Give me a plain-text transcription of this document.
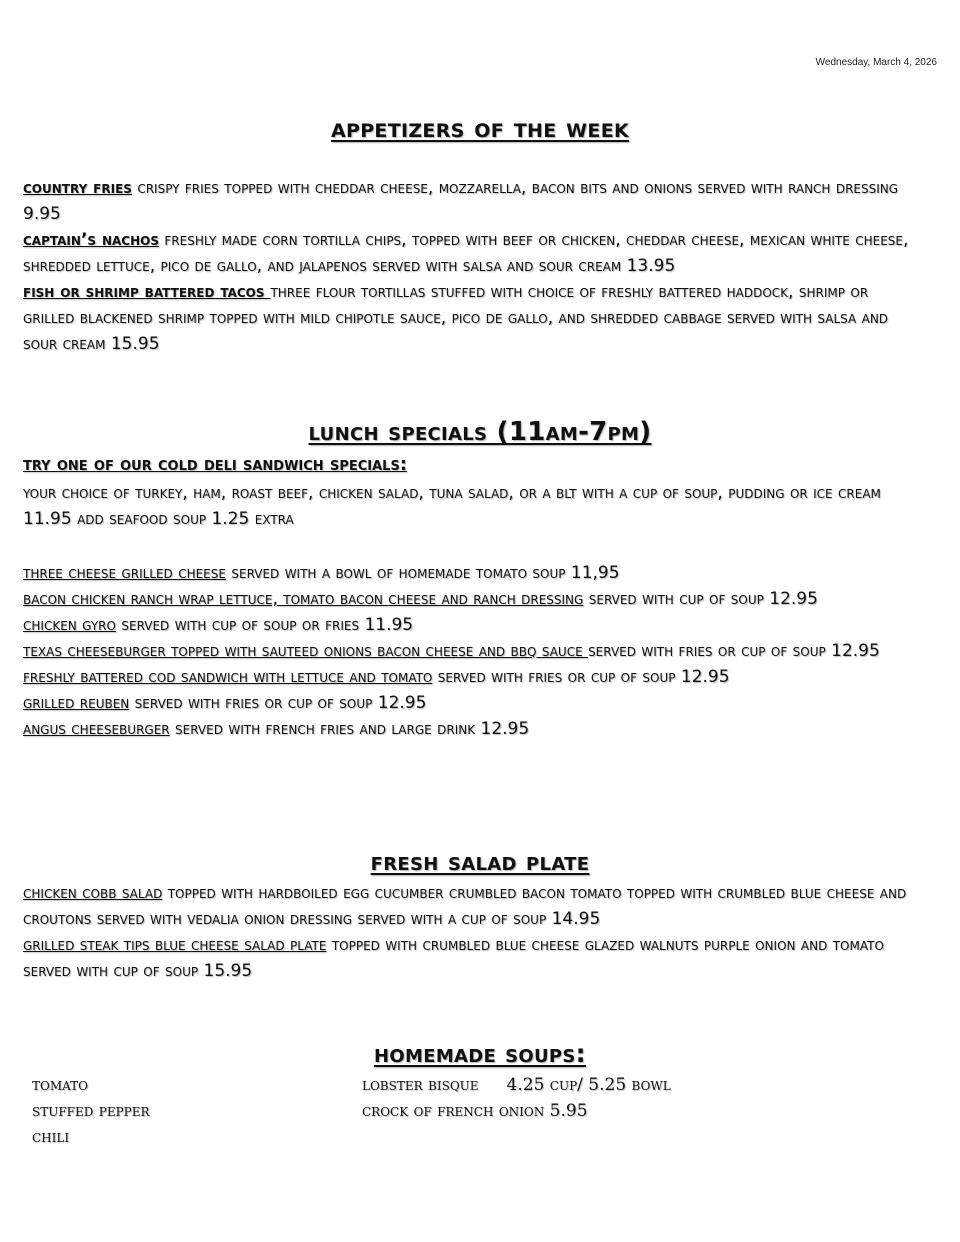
Wednesday, March 4, 2026
appetizers of the week
country fries crispy fries topped with cheddar cheese, mozzarella, bacon bits and onions served with ranch dressing 9.95
captain’s nachos freshly made corn tortilla chips, topped with beef or chicken, cheddar cheese, mexican white cheese, shredded lettuce, pico de gallo, and jalapenos served with salsa and sour cream 13.95
fish or shrimp battered tacos three flour tortillas stuffed with choice of freshly battered haddock, shrimp or grilled blackened shrimp topped with mild chipotle sauce, pico de gallo, and shredded cabbage served with salsa and sour cream 15.95
lunch specials (11am-7pm)
try one of our cold deli sandwich specials:
your choice of turkey, ham, roast beef, chicken salad, tuna salad, or a blt with a cup of soup, pudding or ice cream 11.95 add seafood soup 1.25 extra
three cheese grilled cheese served with a bowl of homemade tomato soup 11,95
bacon chicken ranch wrap lettuce, tomato bacon cheese and ranch dressing served with cup of soup 12.95
chicken gyro served with cup of soup or fries 11.95
texas cheeseburger topped with sauteed onions bacon cheese and bbq sauce served with fries or cup of soup 12.95
freshly battered cod sandwich with lettuce and tomato served with fries or cup of soup 12.95
grilled reuben served with fries or cup of soup 12.95
angus cheeseburger served with french fries and large drink 12.95
fresh salad plate
chicken cobb salad topped with hardboiled egg cucumber crumbled bacon tomato topped with crumbled blue cheese and croutons served with vedalia onion dressing served with a cup of soup 14.95
grilled steak tips blue cheese salad plate topped with crumbled blue cheese glazed walnuts purple onion and tomato served with cup of soup 15.95
homemade soups:
tomato
stuffed pepper
chili
lobster bisque 4.25 cup/ 5.25 bowl
crock of french onion 5.95
